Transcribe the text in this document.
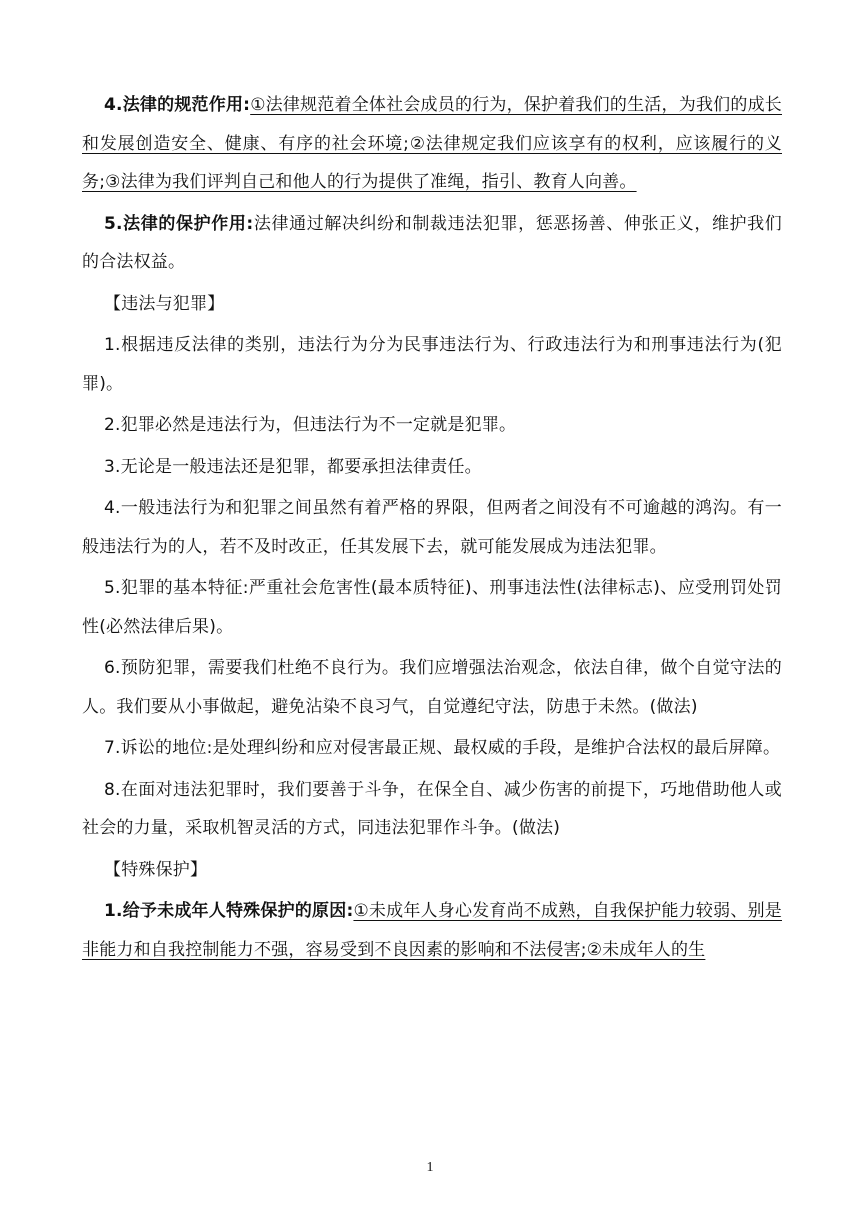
4.法律的规范作用:①法律规范着全体社会成员的行为，保护着我们的生活，为我们的成长和发展创造安全、健康、有序的社会环境;②法律规定我们应该享有的权利，应该履行的义务;③法律为我们评判自己和他人的行为提供了准绳，指引、教育人向善。

5.法律的保护作用:法律通过解决纠纷和制裁违法犯罪，惩恶扬善、伸张正义，维护我们的合法权益。

【违法与犯罪】

1.根据违反法律的类别，违法行为分为民事违法行为、行政违法行为和刑事违法行为(犯罪)。

2.犯罪必然是违法行为，但违法行为不一定就是犯罪。

3.无论是一般违法还是犯罪，都要承担法律责任。

4.一般违法行为和犯罪之间虽然有着严格的界限，但两者之间没有不可逾越的鸿沟。有一般违法行为的人，若不及时改正，任其发展下去，就可能发展成为违法犯罪。

5.犯罪的基本特征:严重社会危害性(最本质特征)、刑事违法性(法律标志)、应受刑罚处罚性(必然法律后果)。

6.预防犯罪，需要我们杜绝不良行为。我们应增强法治观念，依法自律，做个自觉守法的人。我们要从小事做起，避免沾染不良习气，自觉遵纪守法，防患于未然。(做法)

7.诉讼的地位:是处理纠纷和应对侵害最正规、最权威的手段，是维护合法权的最后屏障。

8.在面对违法犯罪时，我们要善于斗争，在保全自、减少伤害的前提下，巧地借助他人或社会的力量，采取机智灵活的方式，同违法犯罪作斗争。(做法)

【特殊保护】

1.给予未成年人特殊保护的原因:①未成年人身心发育尚不成熟，自我保护能力较弱、别是非能力和自我控制能力不强，容易受到不良因素的影响和不法侵害;②未成年人的生

1
